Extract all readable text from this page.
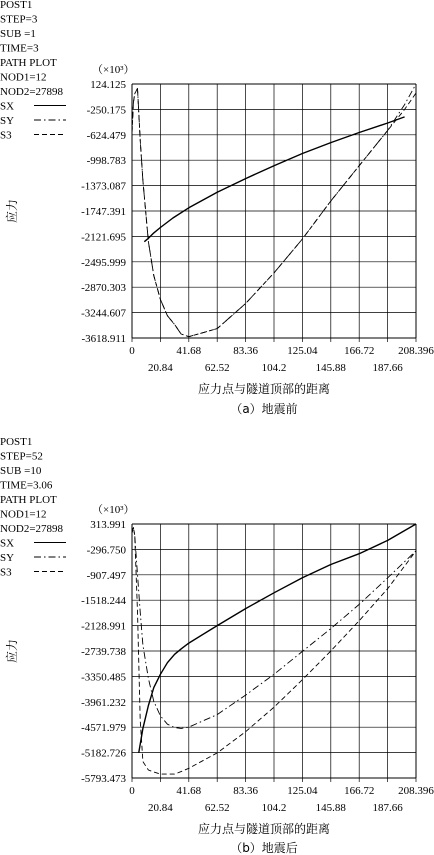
POST1
STEP=3
SUB =1
TIME=3
PATH PLOT
NOD1=12
NOD2=27898
SX
SY
S3
124.125
-250.175
-624.479
-998.783
-1373.087
-1747.391
-2121.695
-2495.999
-2870.303
-3244.607
-3618.911
0	41.68	83.36	125.04 166.72 208.396
20.84	62.52	104.2	145.88 187.66
（×10³）
应力
应力点与隧道顶部的距离
（a）地震前
POST1
STEP=52
SUB =10
TIME=3.06
PATH PLOT
NOD1=12
NOD2=27898
SX
SY
S3
313.991
-296.750
-907.497
-1518.244
-2128.991
-2739.738
-3350.485
-3961.232
-4571.979
-5182.726
-5793.473
0	41.68	83.36	125.04 166.72 208.396
20.84	62.52	104.2	145.88 187.66
（×10³）
应力
应力点与隧道顶部的距离
（b）地震后
